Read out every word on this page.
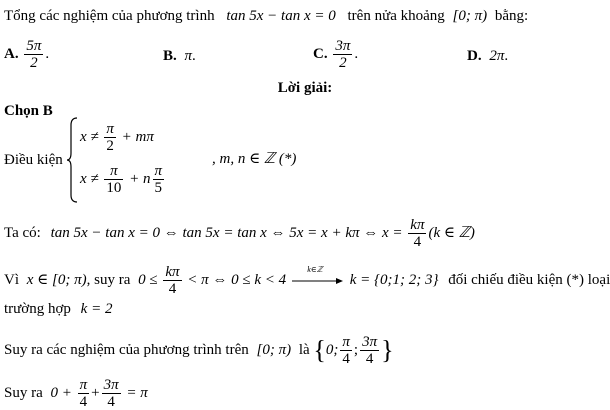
Tổng các nghiệm của phương trình tan 5x − tan x = 0 trên nửa khoảng [0; π) bằng:
A. $\frac{5\pi}{2}$ .	B. π.	C. $\frac{3\pi}{2}$ .	D. 2π.
Lời giải:
Chọn B
Điều kiện
$x \ne \frac{\pi}{2} + m\pi$
$x \ne \frac{\pi}{10} + n \frac{\pi}{5}$
, m, n ∈ ℤ (*)
Ta có: tan 5x − tan x = 0 ⇔ tan 5x = tan x ⇔ 5x = x + kπ ⇔ $x = \frac{k\pi}{4} (k$ ∈ ℤ)
Vì x ∈ [0; π), suy ra $0 \le \frac{k\pi}{4} < \pi$ ⇔ 0 ≤ k < 4
k∈ℤ
k = {0;1; 2; 3} đối chiếu điều kiện (*) loại
trường hợp k = 2
Suy ra các nghiệm của phương trình trên [0; π) là {0; $\frac{\pi}{4}$ ; $\frac{3\pi}{4}$ }
Suy ra $0 + \frac{\pi}{4} + \frac{3\pi}{4} = \pi$
